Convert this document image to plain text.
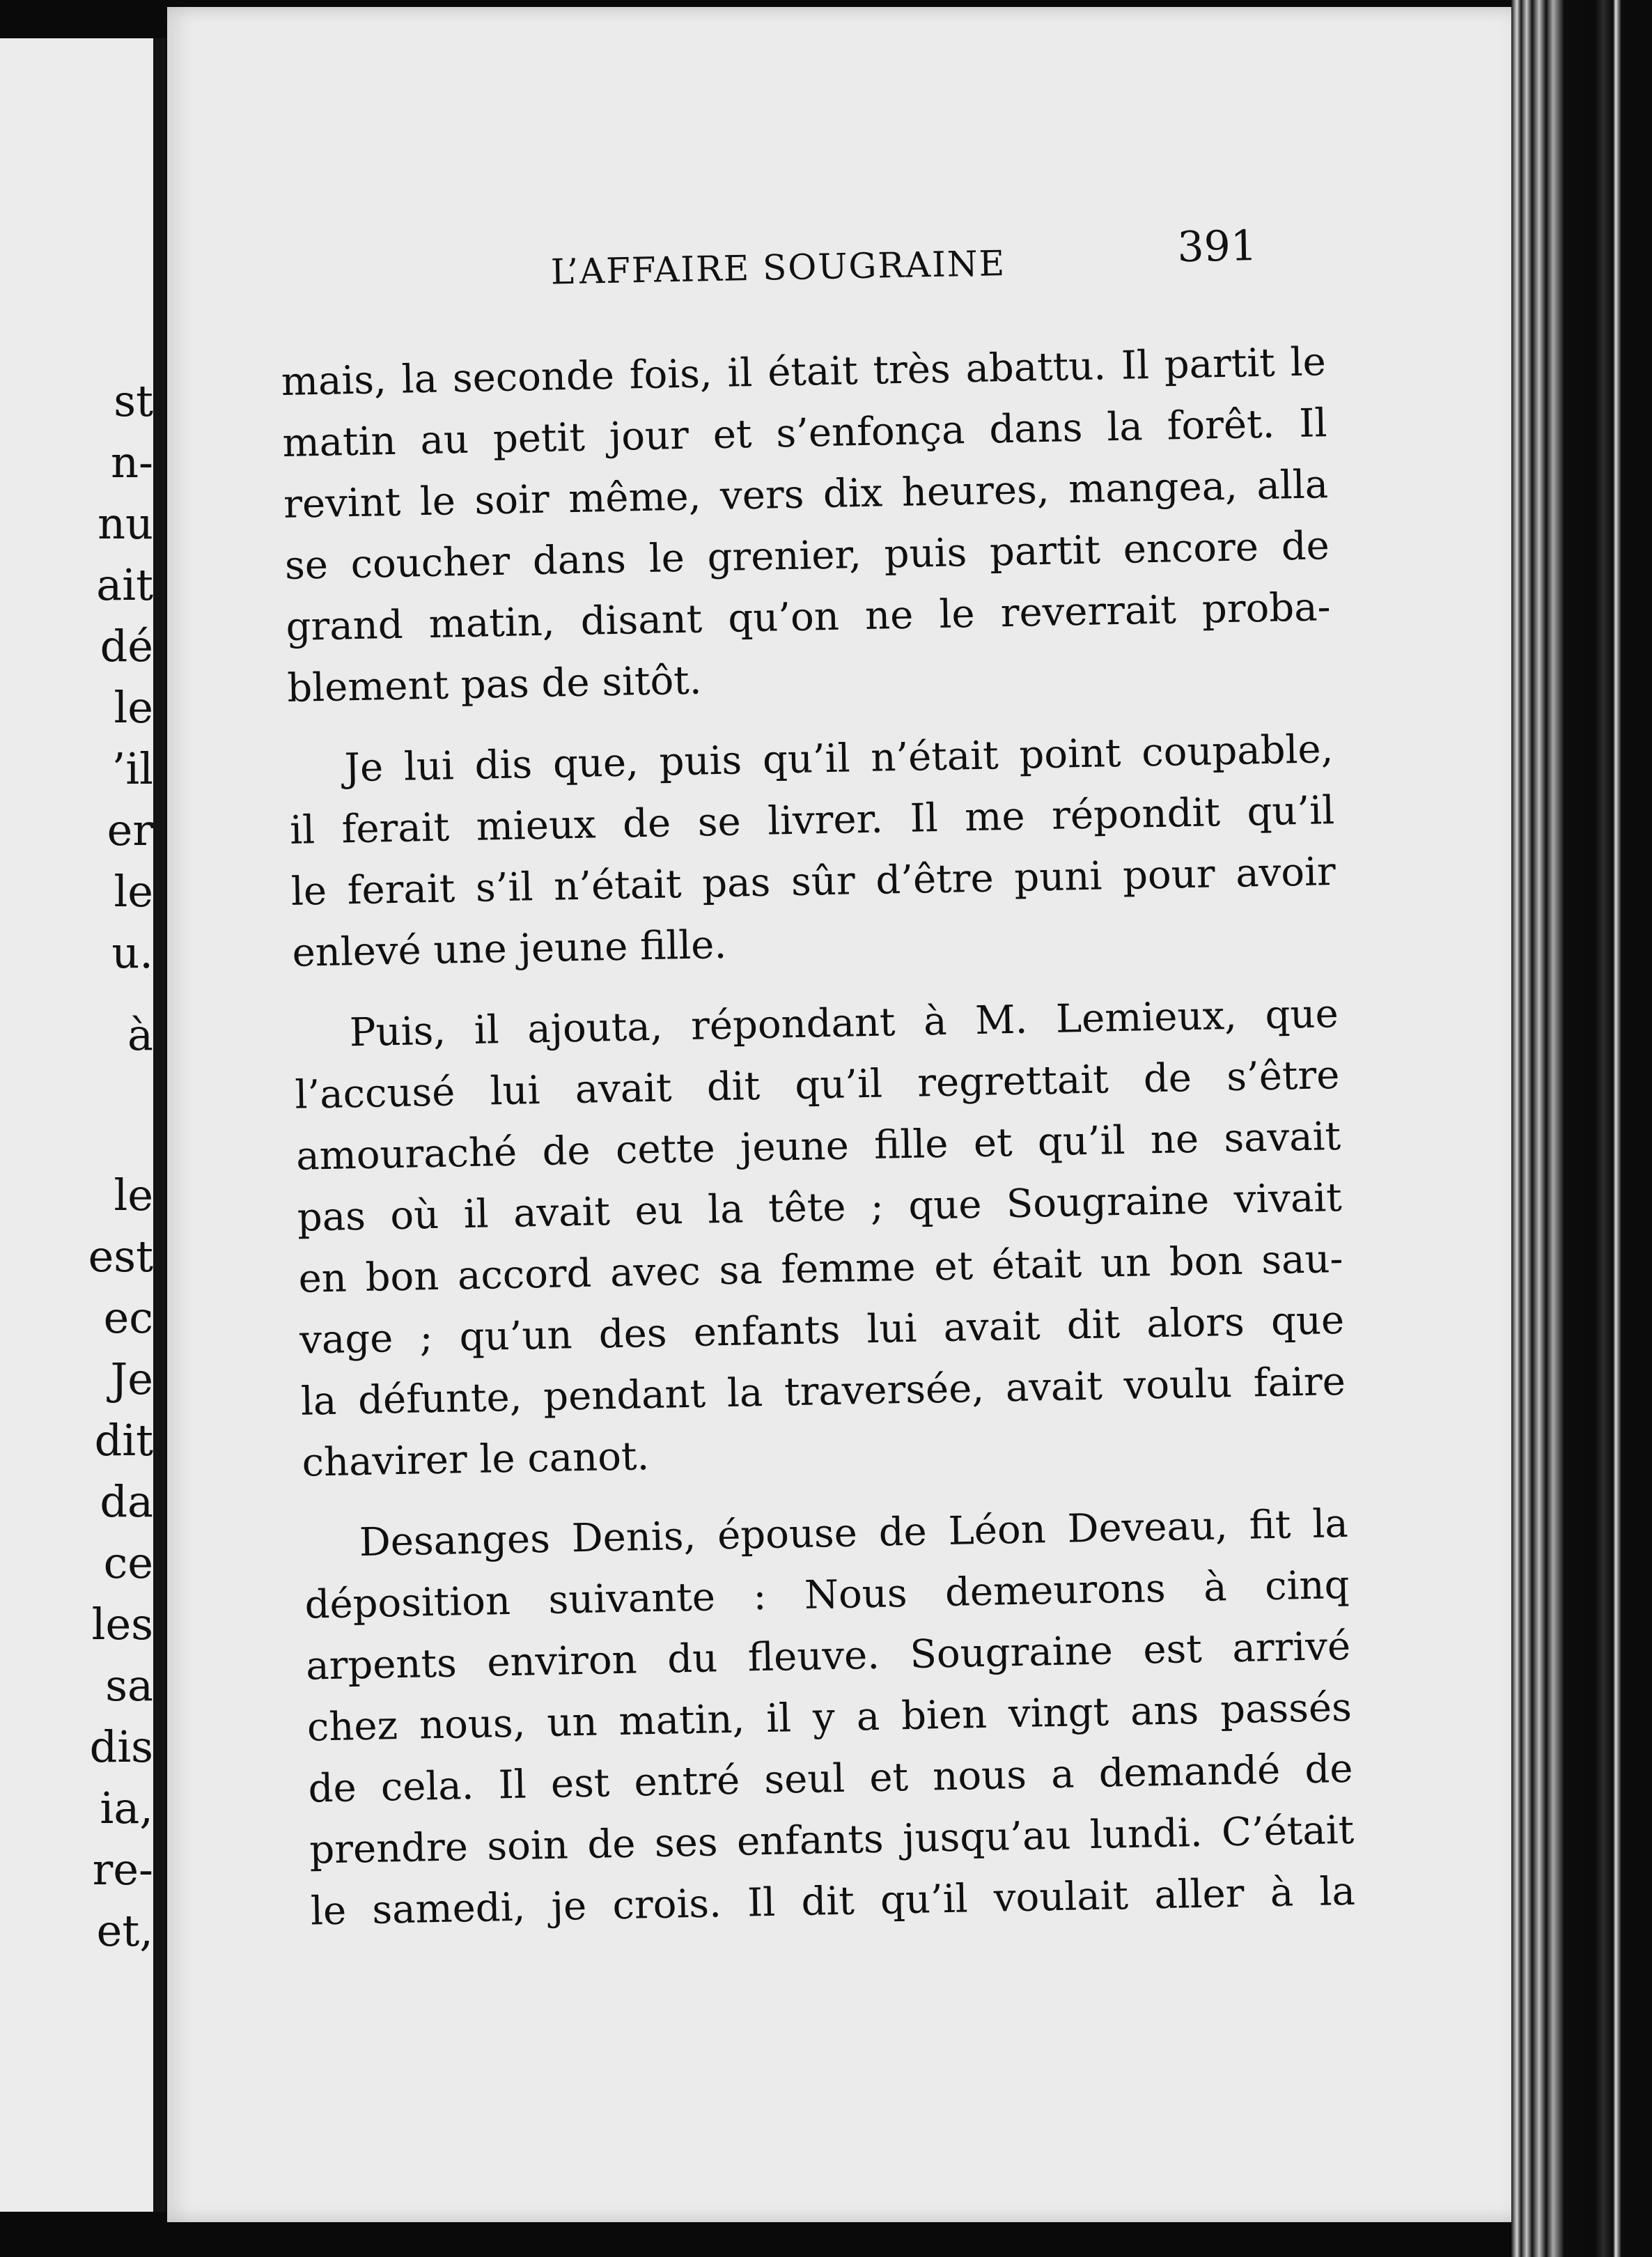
st
n-
nu
ait
dé
le
’il
er
le
u.
à
le
est
ec
Je
dit
da
ce
les
sa
dis
ia,
re-
et,
L’AFFAIRE SOUGRAINE	391

mais, la seconde fois, il était très abattu. Il partit le
matin au petit jour et s’enfonça dans la forêt. Il
revint le soir même, vers dix heures, mangea, alla
se coucher dans le grenier, puis partit encore de
grand matin, disant qu’on ne le reverrait proba-
blement pas de sitôt.

Je lui dis que, puis qu’il n’était point coupable,
il ferait mieux de se livrer. Il me répondit qu’il
le ferait s’il n’était pas sûr d’être puni pour avoir
enlevé une jeune fille.

Puis, il ajouta, répondant à M. Lemieux, que
l’accusé lui avait dit qu’il regrettait de s’être
amouraché de cette jeune fille et qu’il ne savait
pas où il avait eu la tête ; que Sougraine vivait
en bon accord avec sa femme et était un bon sau-
vage ; qu’un des enfants lui avait dit alors que
la défunte, pendant la traversée, avait voulu faire
chavirer le canot.

Desanges Denis, épouse de Léon Deveau, fit la
déposition suivante : Nous demeurons à cinq
arpents environ du fleuve. Sougraine est arrivé
chez nous, un matin, il y a bien vingt ans passés
de cela. Il est entré seul et nous a demandé de
prendre soin de ses enfants jusqu’au lundi. C’était
le samedi, je crois. Il dit qu’il voulait aller à la
